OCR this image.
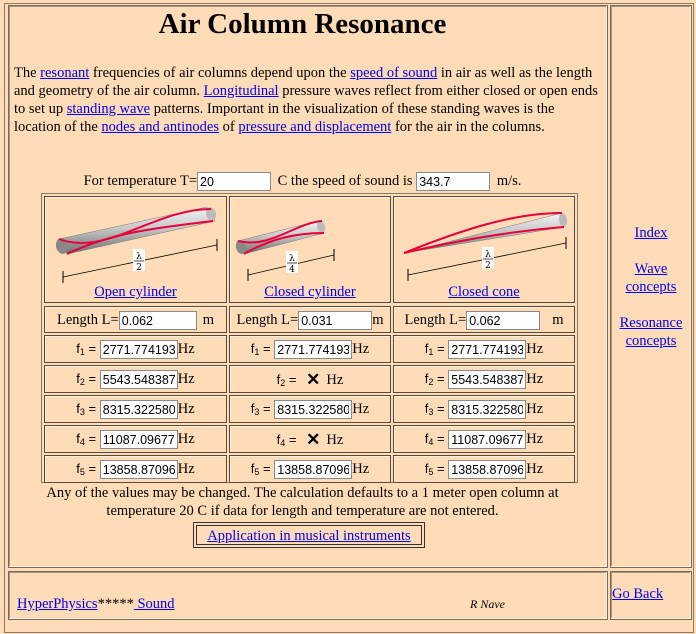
Air Column Resonance

The resonant frequencies of air columns depend upon the speed of sound in air as well as the length and geometry of the air column. Longitudinal pressure waves reflect from either closed or open ends to set up standing wave patterns. Important in the visualization of these standing waves is the location of the nodes and antinodes of pressure and displacement for the air in the columns.

For temperature T=20	C the speed of sound is 343.7	m/s.
λ
2
Open cylinder
λ
4
Closed cylinder
λ
2
Closed cone
Length L=0.062	m	Length L=0.031	m	Length L=0.062	m
$f_1 = 2771.774193$	Hz	$f_1 = 2771.774193$	Hz	$f_1 = 2771.774193$	Hz
$f_2 = 5543.548387$	Hz	$f_2$ = ✕ Hz	$f_2 = 5543.548387$	Hz
$f_3 = 8315.322580$	Hz	$f_3 = 8315.322580$	Hz	$f_3 = 8315.322580$	Hz
$f_4 = 11087.09677$	Hz	$f_4$ = ✕ Hz	$f_4 = 11087.09677$	Hz
$f_5 = 13858.87096$	Hz	$f_5 = 13858.87096$	Hz	$f_5 = 13858.87096$	Hz
Any of the values may be changed. The calculation defaults to a 1 meter open column at temperature 20 C if data for length and temperature are not entered.
Application in musical instruments
Index
Wave concepts
Resonance concepts
HyperPhysics***** Sound	R Nave
Go Back
